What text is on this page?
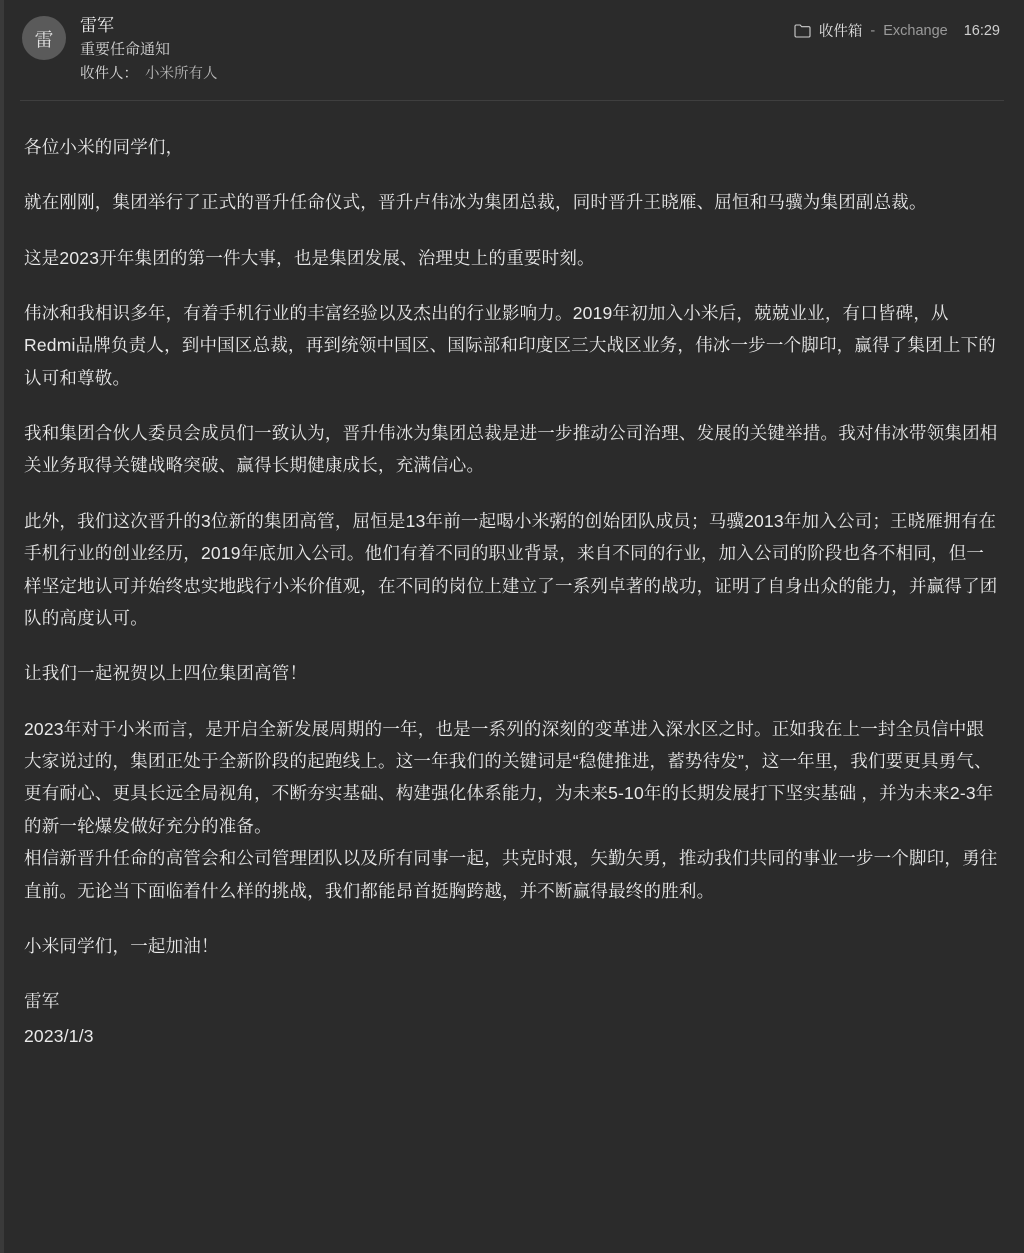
雷
雷军
重要任命通知
收件人： 小米所有人
收件箱 - Exchange 16:29

各位小米的同学们，

就在刚刚，集团举行了正式的晋升任命仪式，晋升卢伟冰为集团总裁，同时晋升王晓雁、屈恒和马骥为集团副总裁。

这是2023开年集团的第一件大事，也是集团发展、治理史上的重要时刻。

伟冰和我相识多年，有着手机行业的丰富经验以及杰出的行业影响力。2019年初加入小米后，兢兢业业，有口皆碑，从Redmi品牌负责人，到中国区总裁，再到统领中国区、国际部和印度区三大战区业务，伟冰一步一个脚印，赢得了集团上下的认可和尊敬。

我和集团合伙人委员会成员们一致认为，晋升伟冰为集团总裁是进一步推动公司治理、发展的关键举措。我对伟冰带领集团相关业务取得关键战略突破、赢得长期健康成长，充满信心。

此外，我们这次晋升的3位新的集团高管，屈恒是13年前一起喝小米粥的创始团队成员；马骥2013年加入公司；王晓雁拥有在手机行业的创业经历，2019年底加入公司。他们有着不同的职业背景，来自不同的行业，加入公司的阶段也各不相同，但一样坚定地认可并始终忠实地践行小米价值观，在不同的岗位上建立了一系列卓著的战功，证明了自身出众的能力，并赢得了团队的高度认可。

让我们一起祝贺以上四位集团高管！

2023年对于小米而言，是开启全新发展周期的一年，也是一系列的深刻的变革进入深水区之时。正如我在上一封全员信中跟大家说过的，集团正处于全新阶段的起跑线上。这一年我们的关键词是“稳健推进，蓄势待发”，这一年里，我们要更具勇气、更有耐心、更具长远全局视角，不断夯实基础、构建强化体系能力，为未来5-10年的长期发展打下坚实基础 ，并为未来2-3年的新一轮爆发做好充分的准备。

相信新晋升任命的高管会和公司管理团队以及所有同事一起，共克时艰，矢勤矢勇，推动我们共同的事业一步一个脚印，勇往直前。无论当下面临着什么样的挑战，我们都能昂首挺胸跨越，并不断赢得最终的胜利。

小米同学们，一起加油！

雷军

2023/1/3
